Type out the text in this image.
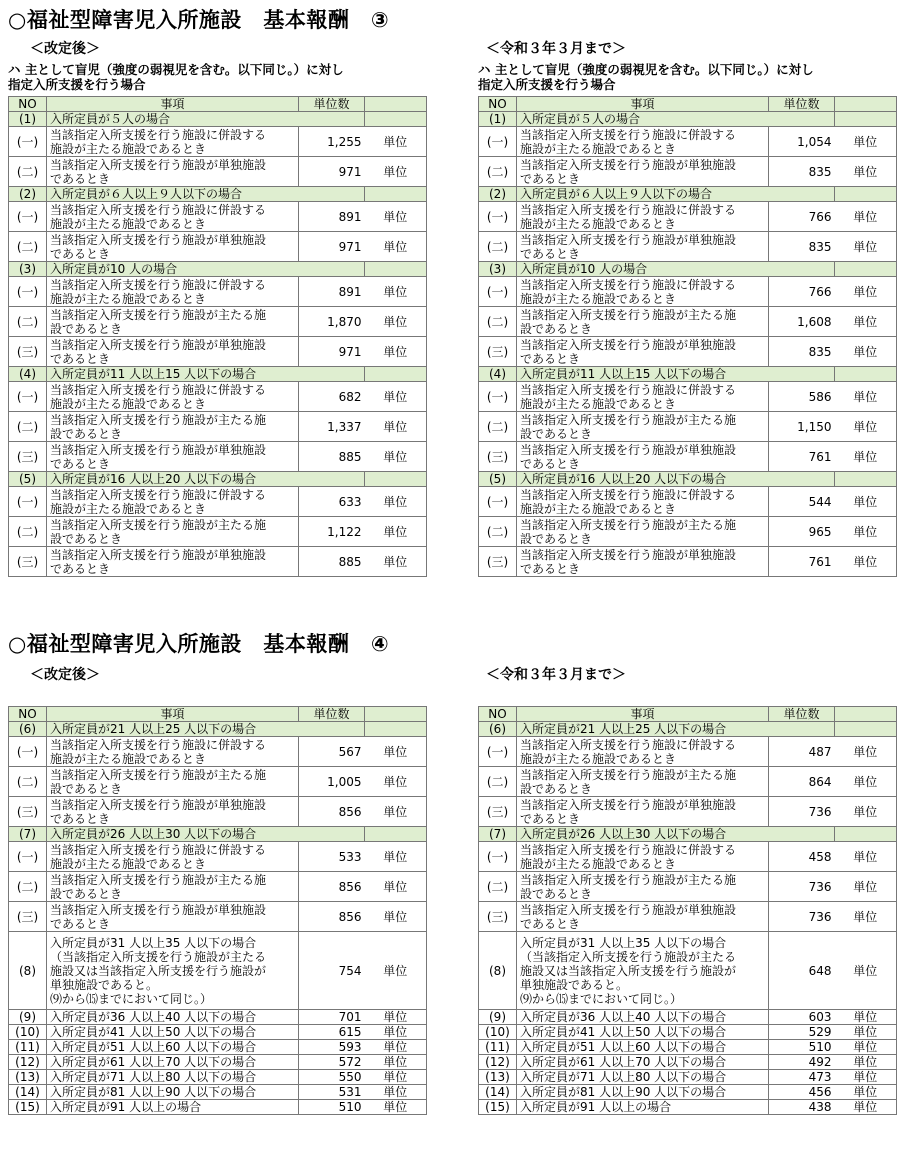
○福祉型障害児入所施設　基本報酬　③
＜改定後＞	＜令和３年３月まで＞
ハ 主として盲児（強度の弱視児を含む。以下同じ。）に対し
指定入所支援を行う場合
ハ 主として盲児（強度の弱視児を含む。以下同じ。）に対し
指定入所支援を行う場合
NO	事項	単位数	
(1)	入所定員が５人の場合		
(一)	当該指定入所支援を行う施設に併設する
施設が主たる施設であるとき	1,255	単位
(二)	当該指定入所支援を行う施設が単独施設
であるとき	971	単位
(2)	入所定員が６人以上９人以下の場合		
(一)	当該指定入所支援を行う施設に併設する
施設が主たる施設であるとき	891	単位
(二)	当該指定入所支援を行う施設が単独施設
であるとき	971	単位
(3)	入所定員が10 人の場合		
(一)	当該指定入所支援を行う施設に併設する
施設が主たる施設であるとき	891	単位
(二)	当該指定入所支援を行う施設が主たる施
設であるとき	1,870	単位
(三)	当該指定入所支援を行う施設が単独施設
であるとき	971	単位
(4)	入所定員が11 人以上15 人以下の場合		
(一)	当該指定入所支援を行う施設に併設する
施設が主たる施設であるとき	682	単位
(二)	当該指定入所支援を行う施設が主たる施
設であるとき	1,337	単位
(三)	当該指定入所支援を行う施設が単独施設
であるとき	885	単位
(5)	入所定員が16 人以上20 人以下の場合		
(一)	当該指定入所支援を行う施設に併設する
施設が主たる施設であるとき	633	単位
(二)	当該指定入所支援を行う施設が主たる施
設であるとき	1,122	単位
(三)	当該指定入所支援を行う施設が単独施設
であるとき	885	単位
NO	事項	単位数	
(1)	入所定員が５人の場合		
(一)	当該指定入所支援を行う施設に併設する
施設が主たる施設であるとき	1,054	単位
(二)	当該指定入所支援を行う施設が単独施設
であるとき	835	単位
(2)	入所定員が６人以上９人以下の場合		
(一)	当該指定入所支援を行う施設に併設する
施設が主たる施設であるとき	766	単位
(二)	当該指定入所支援を行う施設が単独施設
であるとき	835	単位
(3)	入所定員が10 人の場合		
(一)	当該指定入所支援を行う施設に併設する
施設が主たる施設であるとき	766	単位
(二)	当該指定入所支援を行う施設が主たる施
設であるとき	1,608	単位
(三)	当該指定入所支援を行う施設が単独施設
であるとき	835	単位
(4)	入所定員が11 人以上15 人以下の場合		
(一)	当該指定入所支援を行う施設に併設する
施設が主たる施設であるとき	586	単位
(二)	当該指定入所支援を行う施設が主たる施
設であるとき	1,150	単位
(三)	当該指定入所支援を行う施設が単独施設
であるとき	761	単位
(5)	入所定員が16 人以上20 人以下の場合		
(一)	当該指定入所支援を行う施設に併設する
施設が主たる施設であるとき	544	単位
(二)	当該指定入所支援を行う施設が主たる施
設であるとき	965	単位
(三)	当該指定入所支援を行う施設が単独施設
であるとき	761	単位
○福祉型障害児入所施設　基本報酬　④
＜改定後＞	＜令和３年３月まで＞
NO	事項	単位数	
(6)	入所定員が21 人以上25 人以下の場合		
(一)	当該指定入所支援を行う施設に併設する
施設が主たる施設であるとき	567	単位
(二)	当該指定入所支援を行う施設が主たる施
設であるとき	1,005	単位
(三)	当該指定入所支援を行う施設が単独施設
であるとき	856	単位
(7)	入所定員が26 人以上30 人以下の場合		
(一)	当該指定入所支援を行う施設に併設する
施設が主たる施設であるとき	533	単位
(二)	当該指定入所支援を行う施設が主たる施
設であるとき	856	単位
(三)	当該指定入所支援を行う施設が単独施設
であるとき	856	単位
(8)	入所定員が31 人以上35 人以下の場合
（当該指定入所支援を行う施設が主たる
施設又は当該指定入所支援を行う施設が
単独施設であると。
⑼から⒂までにおいて同じ。）	754	単位
(9)	入所定員が36 人以上40 人以下の場合	701	単位
(10)	入所定員が41 人以上50 人以下の場合	615	単位
(11)	入所定員が51 人以上60 人以下の場合	593	単位
(12)	入所定員が61 人以上70 人以下の場合	572	単位
(13)	入所定員が71 人以上80 人以下の場合	550	単位
(14)	入所定員が81 人以上90 人以下の場合	531	単位
(15)	入所定員が91 人以上の場合	510	単位
NO	事項	単位数	
(6)	入所定員が21 人以上25 人以下の場合		
(一)	当該指定入所支援を行う施設に併設する
施設が主たる施設であるとき	487	単位
(二)	当該指定入所支援を行う施設が主たる施
設であるとき	864	単位
(三)	当該指定入所支援を行う施設が単独施設
であるとき	736	単位
(7)	入所定員が26 人以上30 人以下の場合		
(一)	当該指定入所支援を行う施設に併設する
施設が主たる施設であるとき	458	単位
(二)	当該指定入所支援を行う施設が主たる施
設であるとき	736	単位
(三)	当該指定入所支援を行う施設が単独施設
であるとき	736	単位
(8)	入所定員が31 人以上35 人以下の場合
（当該指定入所支援を行う施設が主たる
施設又は当該指定入所支援を行う施設が
単独施設であると。
⑼から⒂までにおいて同じ。）	648	単位
(9)	入所定員が36 人以上40 人以下の場合	603	単位
(10)	入所定員が41 人以上50 人以下の場合	529	単位
(11)	入所定員が51 人以上60 人以下の場合	510	単位
(12)	入所定員が61 人以上70 人以下の場合	492	単位
(13)	入所定員が71 人以上80 人以下の場合	473	単位
(14)	入所定員が81 人以上90 人以下の場合	456	単位
(15)	入所定員が91 人以上の場合	438	単位
